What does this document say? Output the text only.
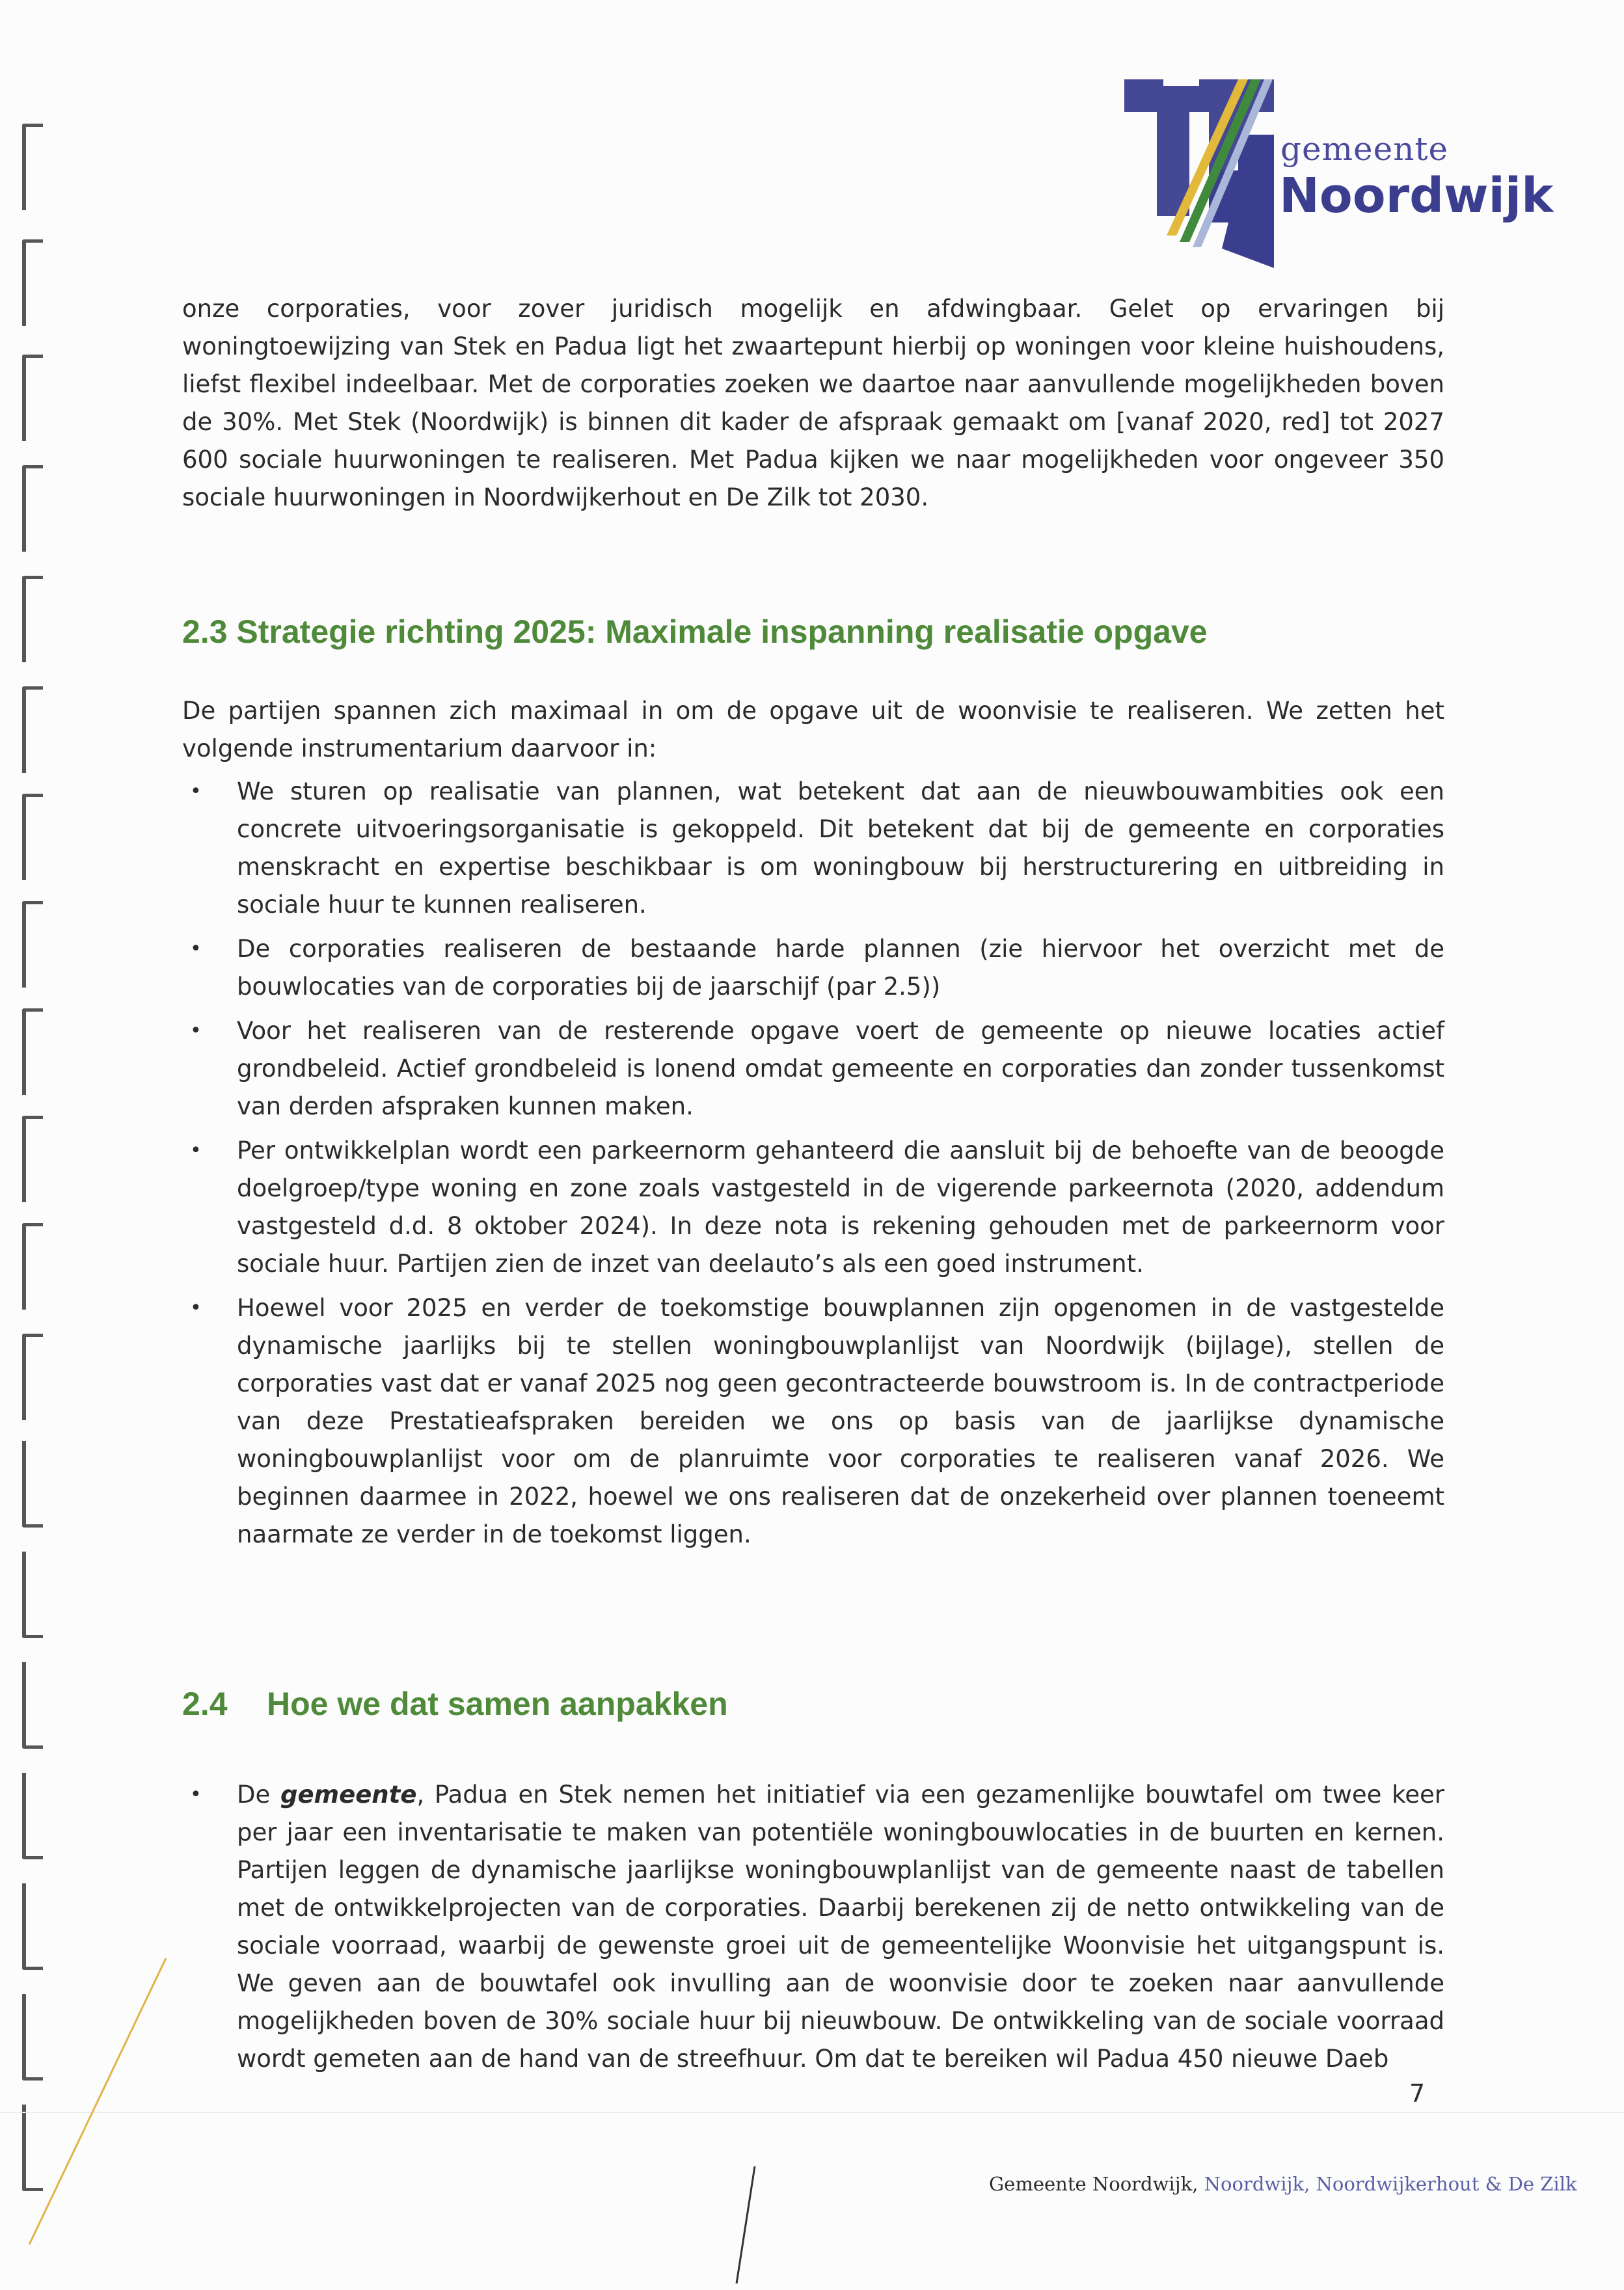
gemeente
Noordwijk

onze corporaties, voor zover juridisch mogelijk en afdwingbaar. Gelet op ervaringen bij woningtoewijzing van Stek en Padua ligt het zwaartepunt hierbij op woningen voor kleine huishoudens, liefst flexibel indeelbaar. Met de corporaties zoeken we daartoe naar aanvullende mogelijkheden boven de 30%. Met Stek (Noordwijk) is binnen dit kader de afspraak gemaakt om [vanaf 2020, red] tot 2027 600 sociale huurwoningen te realiseren. Met Padua kijken we naar mogelijkheden voor ongeveer 350 sociale huurwoningen in Noordwijkerhout en De Zilk tot 2030.

2.3 Strategie richting 2025: Maximale inspanning realisatie opgave

De partijen spannen zich maximaal in om de opgave uit de woonvisie te realiseren. We zetten het volgende instrumentarium daarvoor in:

• We sturen op realisatie van plannen, wat betekent dat aan de nieuwbouwambities ook een concrete uitvoeringsorganisatie is gekoppeld. Dit betekent dat bij de gemeente en corporaties menskracht en expertise beschikbaar is om woningbouw bij herstructurering en uitbreiding in sociale huur te kunnen realiseren.
• De corporaties realiseren de bestaande harde plannen (zie hiervoor het overzicht met de bouwlocaties van de corporaties bij de jaarschijf (par 2.5))
• Voor het realiseren van de resterende opgave voert de gemeente op nieuwe locaties actief grondbeleid. Actief grondbeleid is lonend omdat gemeente en corporaties dan zonder tussenkomst van derden afspraken kunnen maken.
• Per ontwikkelplan wordt een parkeernorm gehanteerd die aansluit bij de behoefte van de beoogde doelgroep/type woning en zone zoals vastgesteld in de vigerende parkeernota (2020, addendum vastgesteld d.d. 8 oktober 2024). In deze nota is rekening gehouden met de parkeernorm voor sociale huur. Partijen zien de inzet van deelauto’s als een goed instrument.
• Hoewel voor 2025 en verder de toekomstige bouwplannen zijn opgenomen in de vastgestelde dynamische jaarlijks bij te stellen woningbouwplanlijst van Noordwijk (bijlage), stellen de corporaties vast dat er vanaf 2025 nog geen gecontracteerde bouwstroom is. In de contractperiode van deze Prestatieafspraken bereiden we ons op basis van de jaarlijkse dynamische woningbouwplanlijst voor om de planruimte voor corporaties te realiseren vanaf 2026. We beginnen daarmee in 2022, hoewel we ons realiseren dat de onzekerheid over plannen toeneemt naarmate ze verder in de toekomst liggen.
2.4 Hoe we dat samen aanpakken
• De gemeente, Padua en Stek nemen het initiatief via een gezamenlijke bouwtafel om twee keer per jaar een inventarisatie te maken van potentiële woningbouwlocaties in de buurten en kernen. Partijen leggen de dynamische jaarlijkse woningbouwplanlijst van de gemeente naast de tabellen met de ontwikkelprojecten van de corporaties. Daarbij berekenen zij de netto ontwikkeling van de sociale voorraad, waarbij de gewenste groei uit de gemeentelijke Woonvisie het uitgangspunt is. We geven aan de bouwtafel ook invulling aan de woonvisie door te zoeken naar aanvullende mogelijkheden boven de 30% sociale huur bij nieuwbouw. De ontwikkeling van de sociale voorraad wordt gemeten aan de hand van de streefhuur. Om dat te bereiken wil Padua 450 nieuwe Daeb
7
Gemeente Noordwijk, Noordwijk, Noordwijkerhout & De Zilk
